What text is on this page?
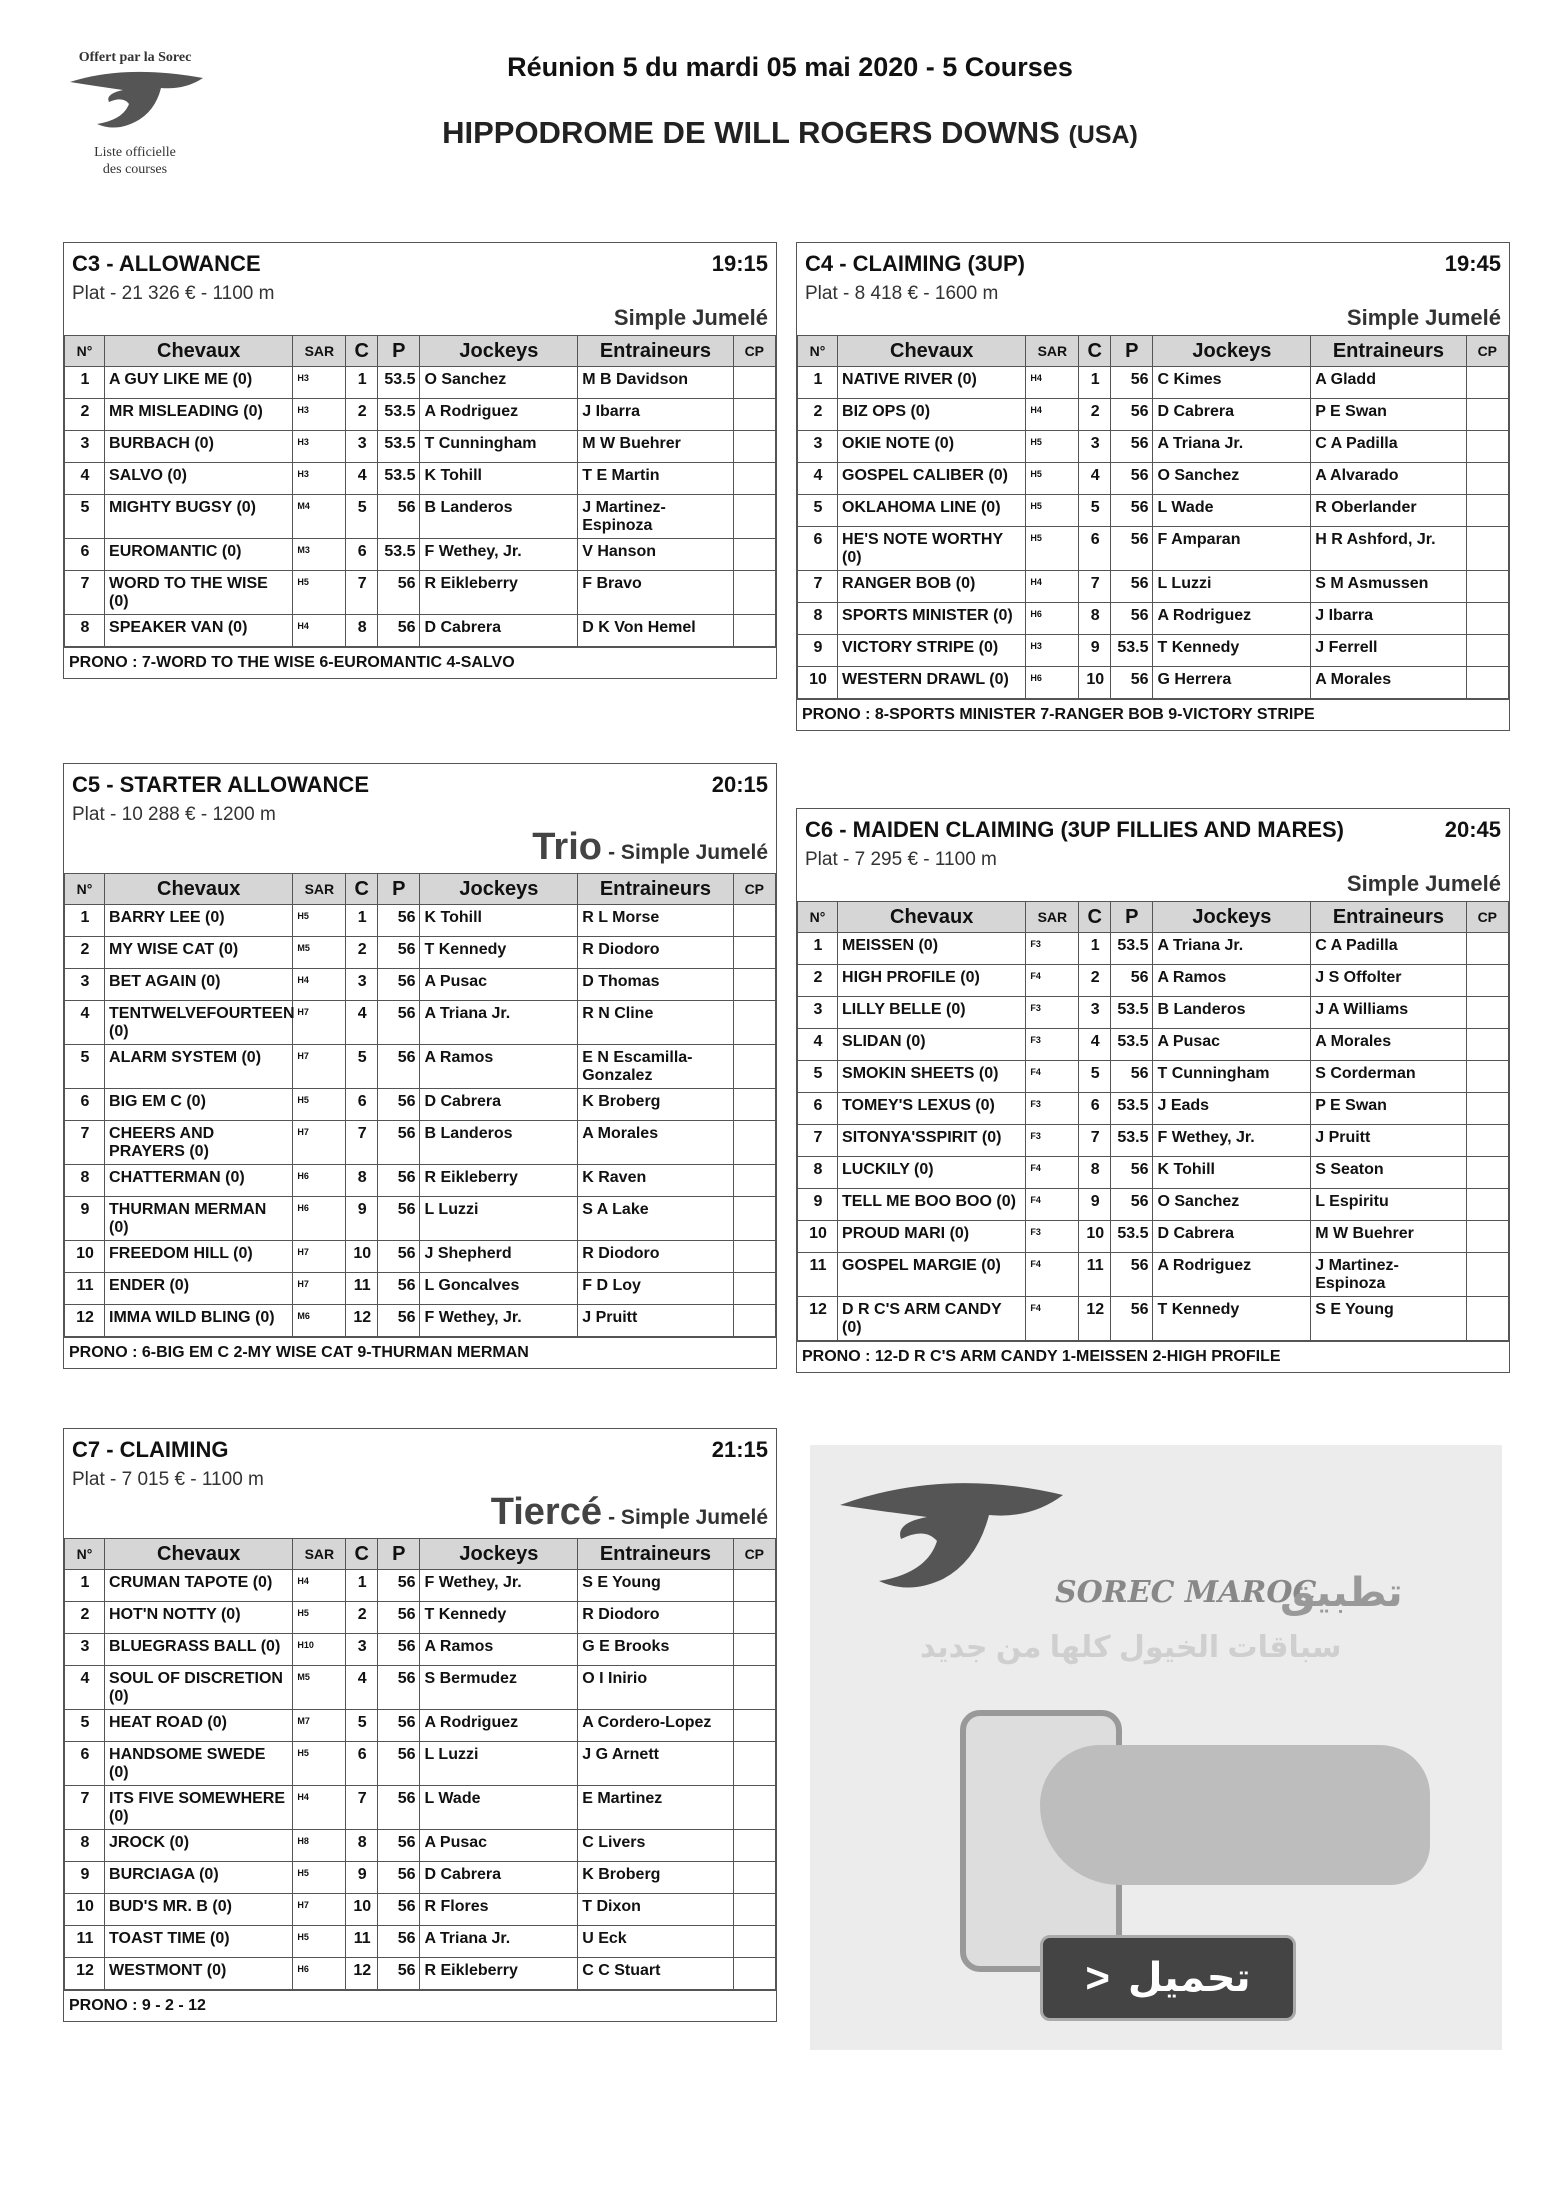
Offert par la Sorec
Liste officielle
des courses
Réunion 5 du mardi 05 mai 2020 - 5 Courses
HIPPODROME DE WILL ROGERS DOWNS (USA)
C3 - ALLOWANCE	19:15
Plat - 21 326 € - 1100 m
Simple Jumelé
N°	Chevaux	SAR	C	P	Jockeys	Entraineurs	CP
1	A GUY LIKE ME (0)	H3	1	53.5	O Sanchez	M B Davidson	
2	MR MISLEADING (0)	H3	2	53.5	A Rodriguez	J Ibarra	
3	BURBACH (0)	H3	3	53.5	T Cunningham	M W Buehrer	
4	SALVO (0)	H3	4	53.5	K Tohill	T E Martin	
5	MIGHTY BUGSY (0)	M4	5	56	B Landeros	J Martinez-Espinoza	
6	EUROMANTIC (0)	M3	6	53.5	F Wethey, Jr.	V Hanson	
7	WORD TO THE WISE (0)	H5	7	56	R Eikleberry	F Bravo	
8	SPEAKER VAN (0)	H4	8	56	D Cabrera	D K Von Hemel	
PRONO : 7-WORD TO THE WISE 6-EUROMANTIC 4-SALVO
C4 - CLAIMING (3UP)	19:45
Plat - 8 418 € - 1600 m
Simple Jumelé
N°	Chevaux	SAR	C	P	Jockeys	Entraineurs	CP
1	NATIVE RIVER (0)	H4	1	56	C Kimes	A Gladd	
2	BIZ OPS (0)	H4	2	56	D Cabrera	P E Swan	
3	OKIE NOTE (0)	H5	3	56	A Triana Jr.	C A Padilla	
4	GOSPEL CALIBER (0)	H5	4	56	O Sanchez	A Alvarado	
5	OKLAHOMA LINE (0)	H5	5	56	L Wade	R Oberlander	
6	HE'S NOTE WORTHY (0)	H5	6	56	F Amparan	H R Ashford, Jr.	
7	RANGER BOB (0)	H4	7	56	L Luzzi	S M Asmussen	
8	SPORTS MINISTER (0)	H6	8	56	A Rodriguez	J Ibarra	
9	VICTORY STRIPE (0)	H3	9	53.5	T Kennedy	J Ferrell	
10	WESTERN DRAWL (0)	H6	10	56	G Herrera	A Morales	
PRONO : 8-SPORTS MINISTER 7-RANGER BOB 9-VICTORY STRIPE
C5 - STARTER ALLOWANCE	20:15
Plat - 10 288 € - 1200 m
Trio - Simple Jumelé
N°	Chevaux	SAR	C	P	Jockeys	Entraineurs	CP
1	BARRY LEE (0)	H5	1	56	K Tohill	R L Morse	
2	MY WISE CAT (0)	M5	2	56	T Kennedy	R Diodoro	
3	BET AGAIN (0)	H4	3	56	A Pusac	D Thomas	
4	TENTWELVEFOURTEEN (0)	H7	4	56	A Triana Jr.	R N Cline	
5	ALARM SYSTEM (0)	H7	5	56	A Ramos	E N Escamilla-Gonzalez	
6	BIG EM C (0)	H5	6	56	D Cabrera	K Broberg	
7	CHEERS AND PRAYERS (0)	H7	7	56	B Landeros	A Morales	
8	CHATTERMAN (0)	H6	8	56	R Eikleberry	K Raven	
9	THURMAN MERMAN (0)	H6	9	56	L Luzzi	S A Lake	
10	FREEDOM HILL (0)	H7	10	56	J Shepherd	R Diodoro	
11	ENDER (0)	H7	11	56	L Goncalves	F D Loy	
12	IMMA WILD BLING (0)	M6	12	56	F Wethey, Jr.	J Pruitt	
PRONO : 6-BIG EM C 2-MY WISE CAT 9-THURMAN MERMAN
C6 - MAIDEN CLAIMING (3UP FILLIES AND MARES)	20:45
Plat - 7 295 € - 1100 m
Simple Jumelé
N°	Chevaux	SAR	C	P	Jockeys	Entraineurs	CP
1	MEISSEN (0)	F3	1	53.5	A Triana Jr.	C A Padilla	
2	HIGH PROFILE (0)	F4	2	56	A Ramos	J S Offolter	
3	LILLY BELLE (0)	F3	3	53.5	B Landeros	J A Williams	
4	SLIDAN (0)	F3	4	53.5	A Pusac	A Morales	
5	SMOKIN SHEETS (0)	F4	5	56	T Cunningham	S Corderman	
6	TOMEY'S LEXUS (0)	F3	6	53.5	J Eads	P E Swan	
7	SITONYA'SSPIRIT (0)	F3	7	53.5	F Wethey, Jr.	J Pruitt	
8	LUCKILY (0)	F4	8	56	K Tohill	S Seaton	
9	TELL ME BOO BOO (0)	F4	9	56	O Sanchez	L Espiritu	
10	PROUD MARI (0)	F3	10	53.5	D Cabrera	M W Buehrer	
11	GOSPEL MARGIE (0)	F4	11	56	A Rodriguez	J Martinez-Espinoza	
12	D R C'S ARM CANDY (0)	F4	12	56	T Kennedy	S E Young	
PRONO : 12-D R C'S ARM CANDY 1-MEISSEN 2-HIGH PROFILE
C7 - CLAIMING	21:15
Plat - 7 015 € - 1100 m
Tiercé - Simple Jumelé
N°	Chevaux	SAR	C	P	Jockeys	Entraineurs	CP
1	CRUMAN TAPOTE (0)	H4	1	56	F Wethey, Jr.	S E Young	
2	HOT'N NOTTY (0)	H5	2	56	T Kennedy	R Diodoro	
3	BLUEGRASS BALL (0)	H10	3	56	A Ramos	G E Brooks	
4	SOUL OF DISCRETION (0)	M5	4	56	S Bermudez	O I Inirio	
5	HEAT ROAD (0)	M7	5	56	A Rodriguez	A Cordero-Lopez	
6	HANDSOME SWEDE (0)	H5	6	56	L Luzzi	J G Arnett	
7	ITS FIVE SOMEWHERE (0)	H4	7	56	L Wade	E Martinez	
8	JROCK (0)	H8	8	56	A Pusac	C Livers	
9	BURCIAGA (0)	H5	9	56	D Cabrera	K Broberg	
10	BUD'S MR. B (0)	H7	10	56	R Flores	T Dixon	
11	TOAST TIME (0)	H5	11	56	A Triana Jr.	U Eck	
12	WESTMONT (0)	H6	12	56	R Eikleberry	C C Stuart	
PRONO : 9 - 2 - 12
SOREC MAROC
تطبيق
سباقات الخيول كلها من جديد
> تحميل
